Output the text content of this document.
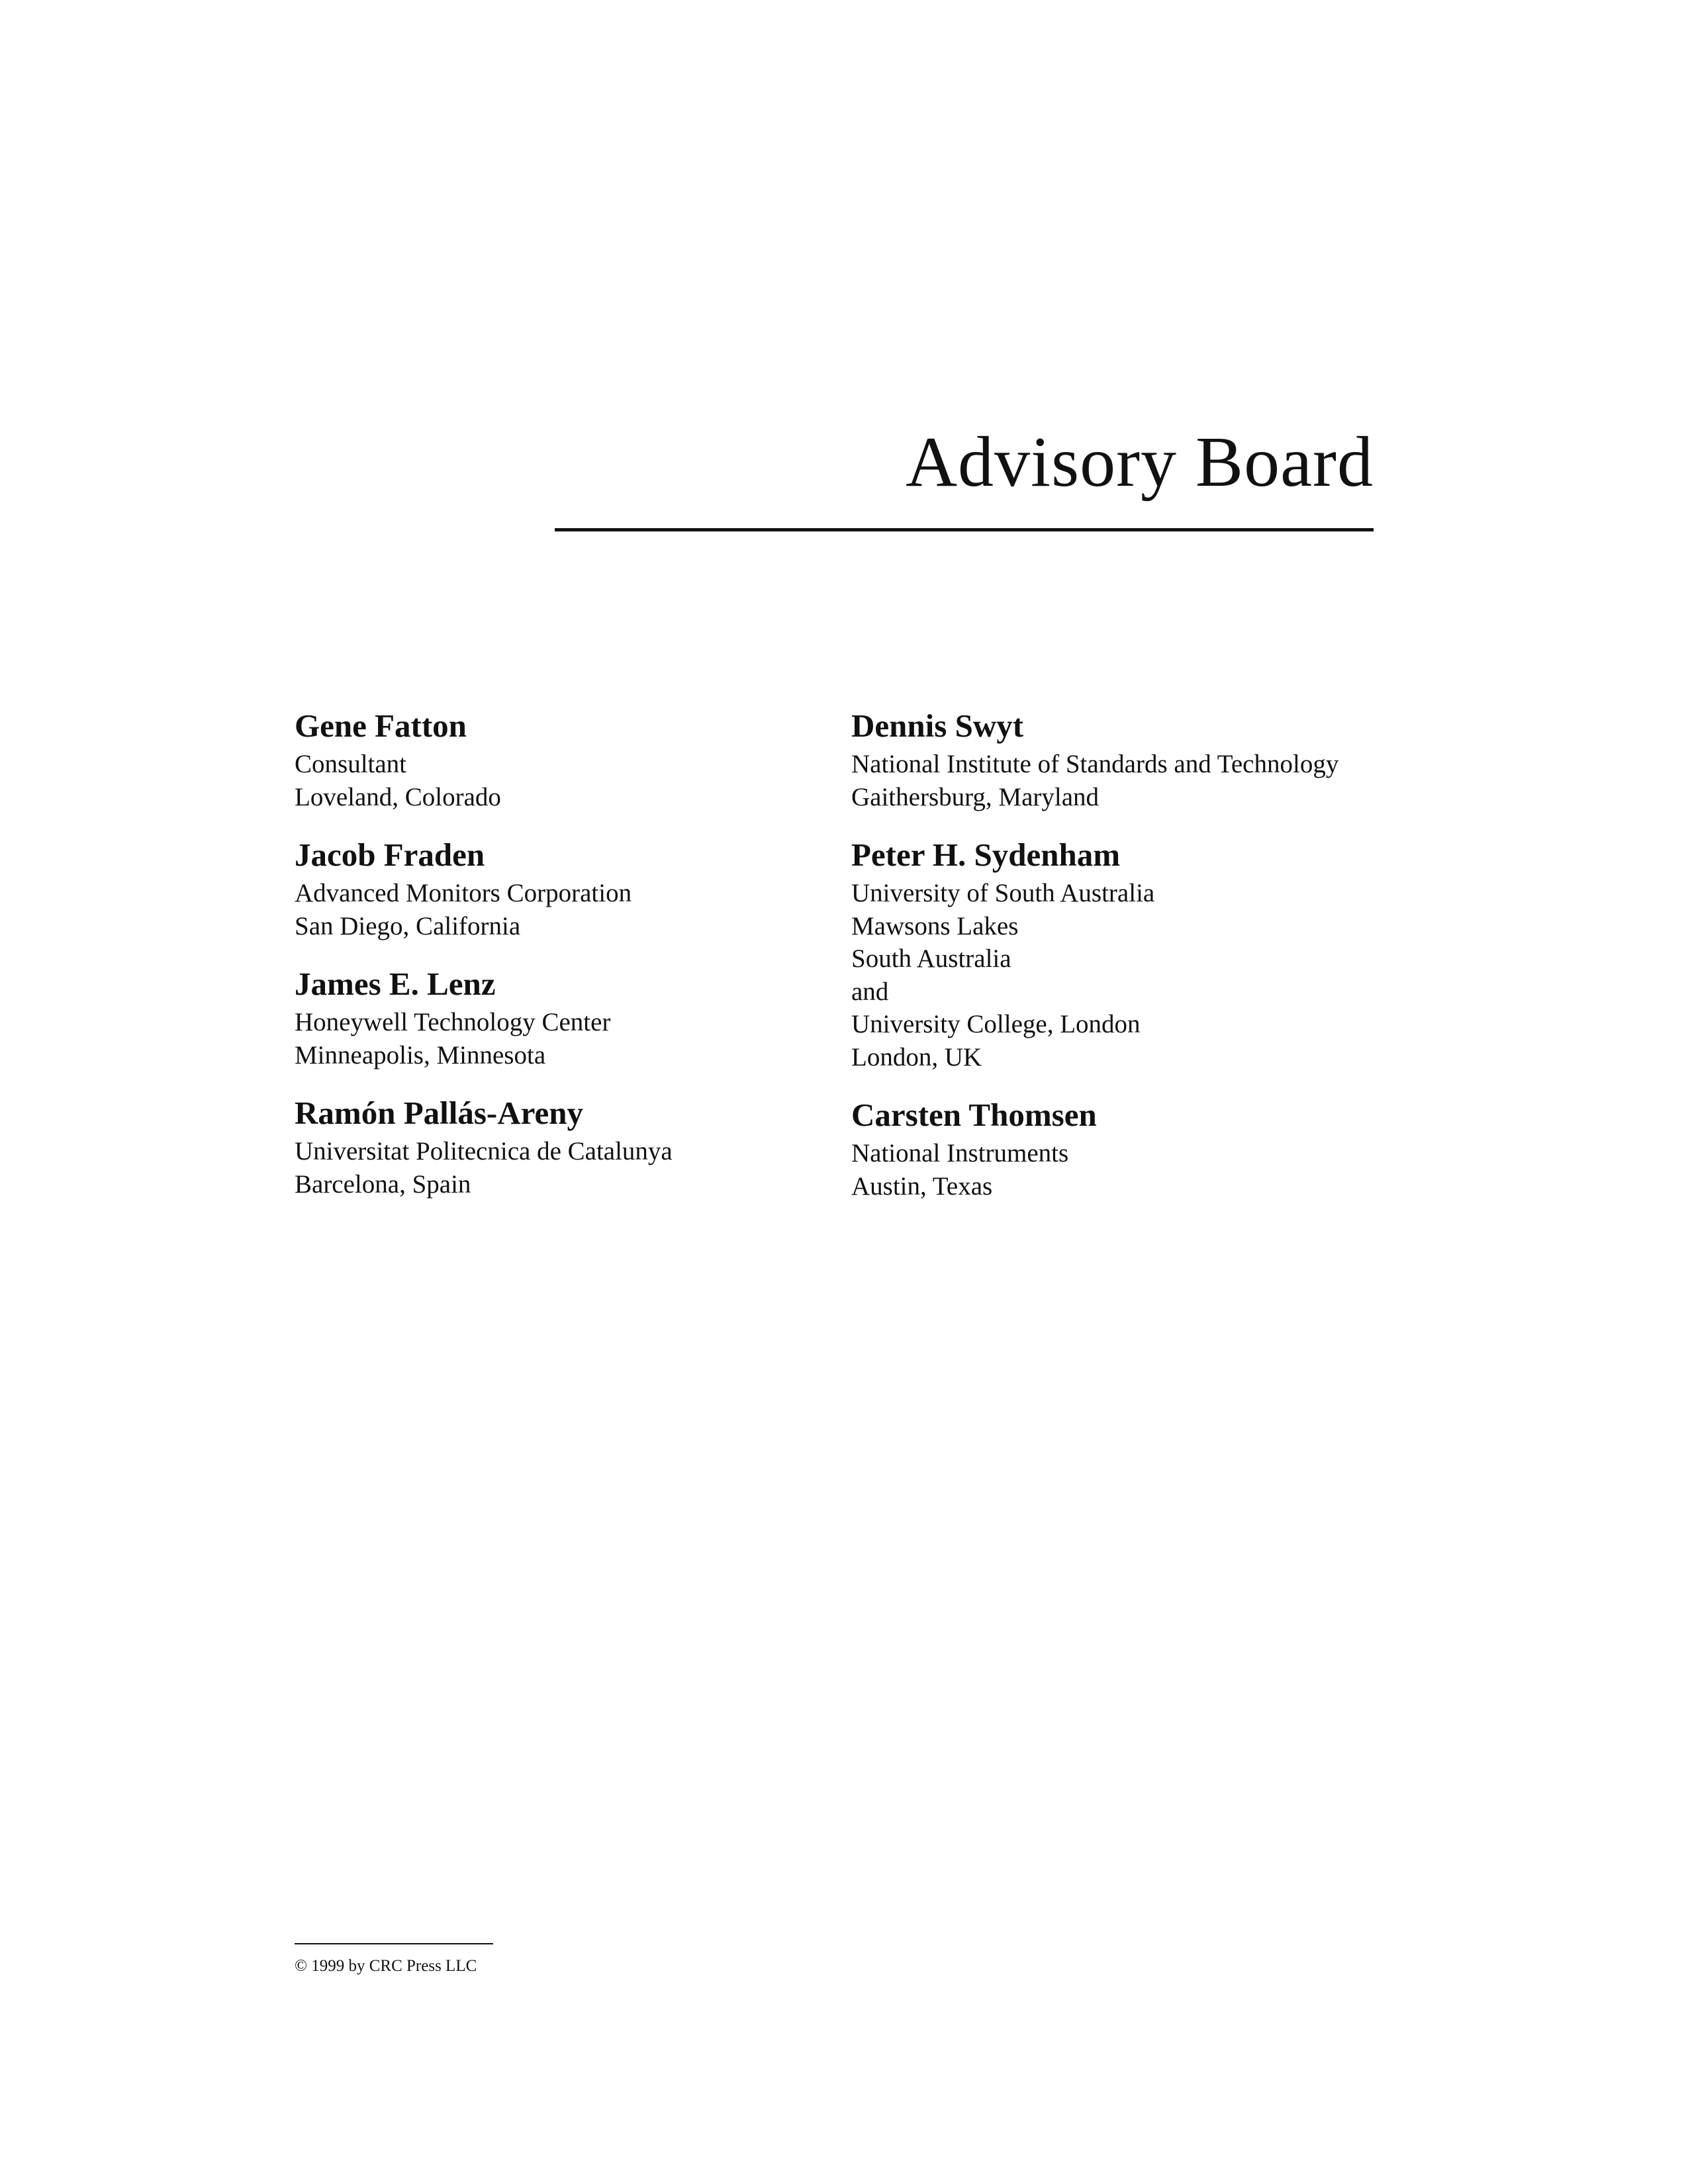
Advisory Board
Gene Fatton
Consultant
Loveland, Colorado
Jacob Fraden
Advanced Monitors Corporation
San Diego, California
James E. Lenz
Honeywell Technology Center
Minneapolis, Minnesota
Ramón Pallás-Areny
Universitat Politecnica de Catalunya
Barcelona, Spain
Dennis Swyt
National Institute of Standards and Technology
Gaithersburg, Maryland
Peter H. Sydenham
University of South Australia
Mawsons Lakes
South Australia
and
University College, London
London, UK
Carsten Thomsen
National Instruments
Austin, Texas
© 1999 by CRC Press LLC
